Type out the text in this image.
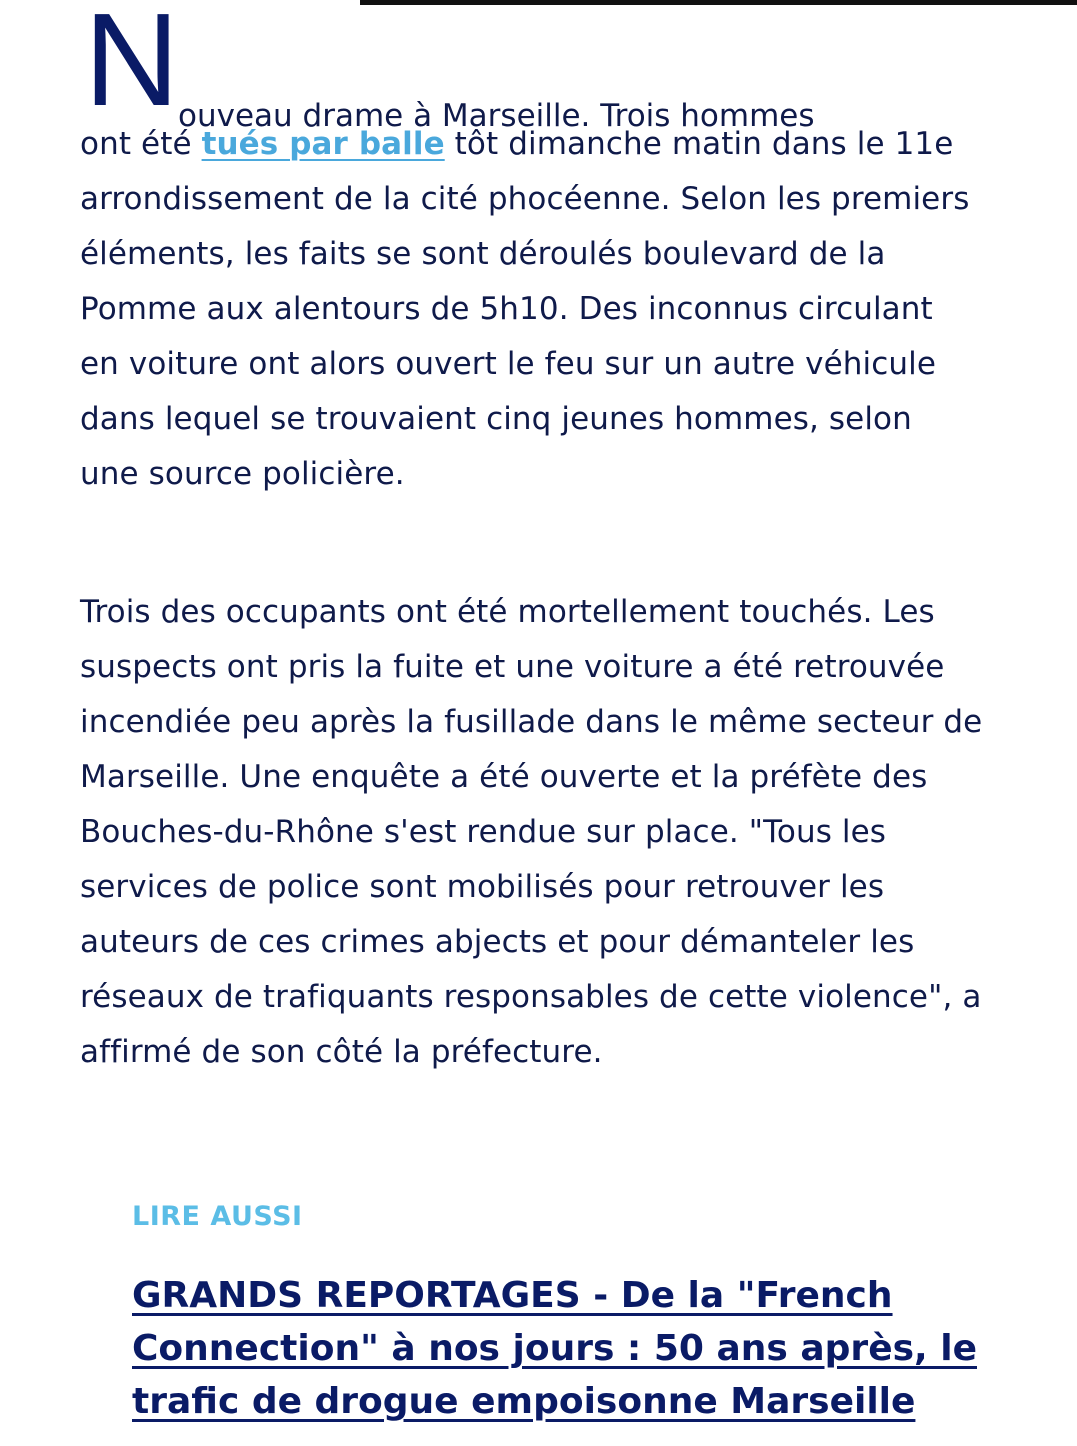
N

ouveau drame à Marseille. Trois hommes

ont été tués par balle tôt dimanche matin dans le 11e arrondissement de la cité phocéenne. Selon les premiers éléments, les faits se sont déroulés boulevard de la Pomme aux alentours de 5h10. Des inconnus circulant en voiture ont alors ouvert le feu sur un autre véhicule dans lequel se trouvaient cinq jeunes hommes, selon une source policière.

Trois des occupants ont été mortellement touchés. Les suspects ont pris la fuite et une voiture a été retrouvée incendiée peu après la fusillade dans le même secteur de Marseille. Une enquête a été ouverte et la préfète des Bouches-du-Rhône s'est rendue sur place. "Tous les services de police sont mobilisés pour retrouver les auteurs de ces crimes abjects et pour démanteler les réseaux de trafiquants responsables de cette violence", a affirmé de son côté la préfecture.

LIRE AUSSI

GRANDS REPORTAGES - De la "French Connection" à nos jours : 50 ans après, le trafic de drogue empoisonne Marseille
